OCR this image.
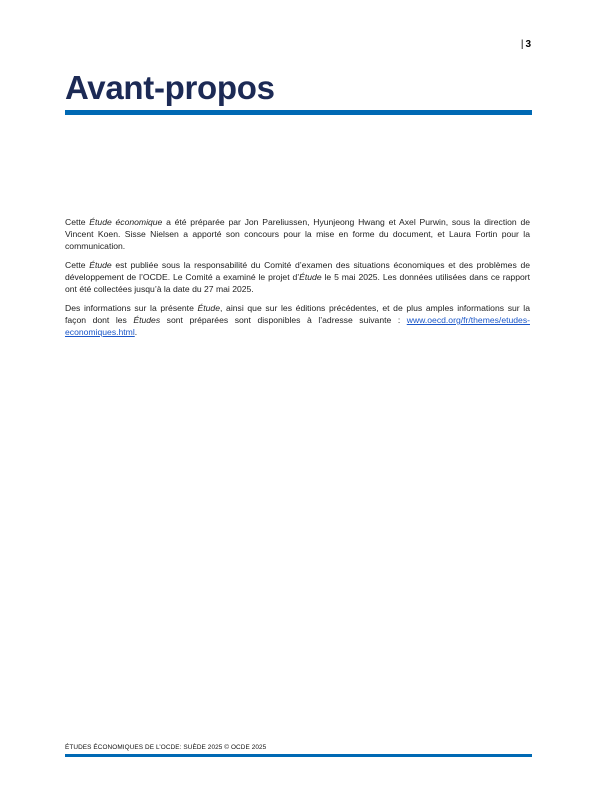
| 3
Avant-propos

Cette Étude économique a été préparée par Jon Pareliussen, Hyunjeong Hwang et Axel Purwin, sous la direction de Vincent Koen. Sisse Nielsen a apporté son concours pour la mise en forme du document, et Laura Fortin pour la communication.

Cette Étude est publiée sous la responsabilité du Comité d’examen des situations économiques et des problèmes de développement de l’OCDE. Le Comité a examiné le projet d’Étude le 5 mai 2025. Les données utilisées dans ce rapport ont été collectées jusqu’à la date du 27 mai 2025.

Des informations sur la présente Étude, ainsi que sur les éditions précédentes, et de plus amples informations sur la façon dont les Études sont préparées sont disponibles à l’adresse suivante : www.oecd.org/fr/themes/etudes-economiques.html.

ÉTUDES ÉCONOMIQUES DE L’OCDE: SUÈDE 2025 © OCDE 2025
